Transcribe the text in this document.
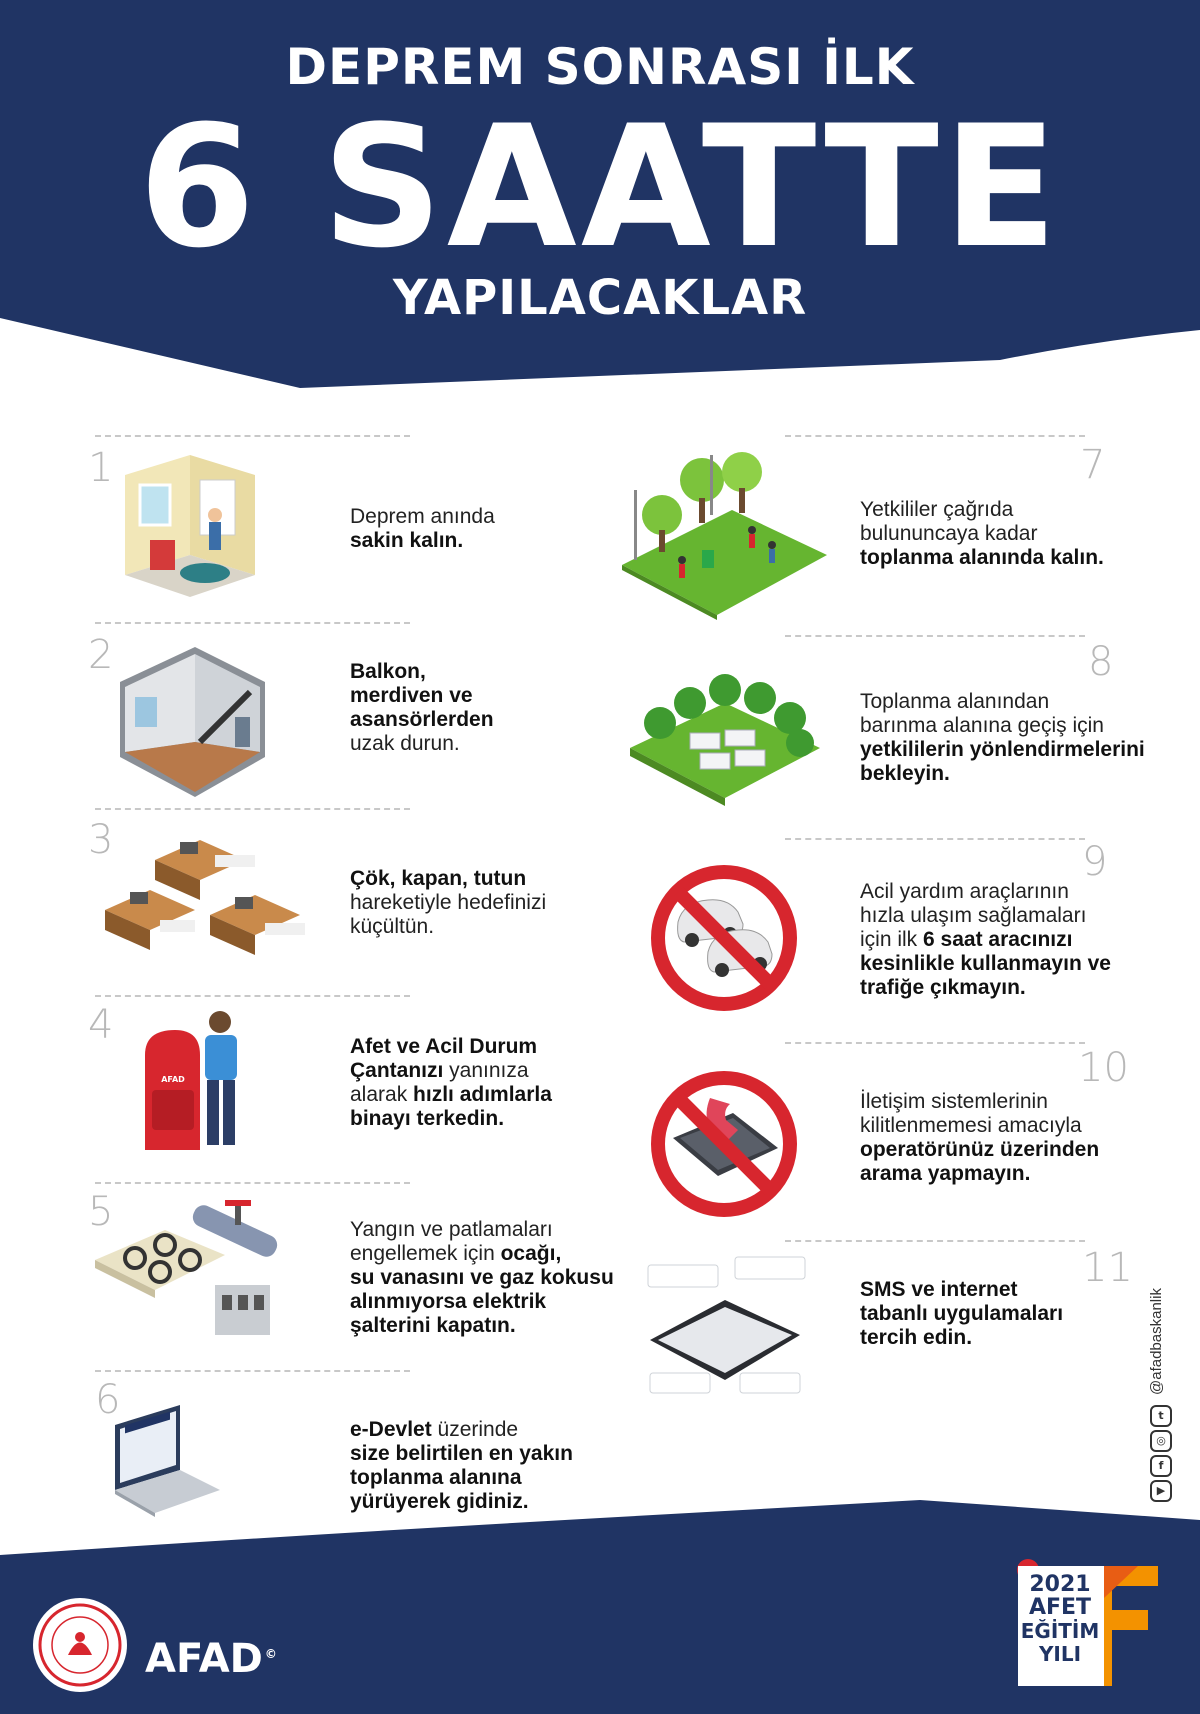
DEPREM SONRASI İLK
6 SAATTE
YAPILACAKLAR
1
Deprem anında
sakin kalın.
2	Balkon,
merdiven ve
asansörlerden
uzak durun.
3
Çök, kapan, tutun
hareketiyle hedefinizi
küçültün.
4
AFAD
Afet ve Acil Durum
Çantanızı yanınıza
alarak hızlı adımlarla
binayı terkedin.
5	Yangın ve patlamaları
engellemek için ocağı,
su vanasını ve gaz kokusu
alınmıyorsa elektrik
şalterini kapatın.
6
e-Devlet üzerinde
size belirtilen en yakın
toplanma alanına
yürüyerek gidiniz.
7
Yetkililer çağrıda
bulununcaya kadar
toplanma alanında kalın.
8
Toplanma alanından
barınma alanına geçiş için
yetkililerin yönlendirmelerini
bekleyin.
9
Acil yardım araçlarının
hızla ulaşım sağlamaları
için ilk 6 saat aracınızı
kesinlikle kullanmayın ve
trafiğe çıkmayın.
10
İletişim sistemlerinin
kilitlenmemesi amacıyla
operatörünüz üzerinden
arama yapmayın.
11
SMS ve internet
tabanlı uygulamaları
tercih edin.	@afadbaskanlik
t
◎
f
▶
AFAD ©
2021
AFET
EĞİTİM
YILI
